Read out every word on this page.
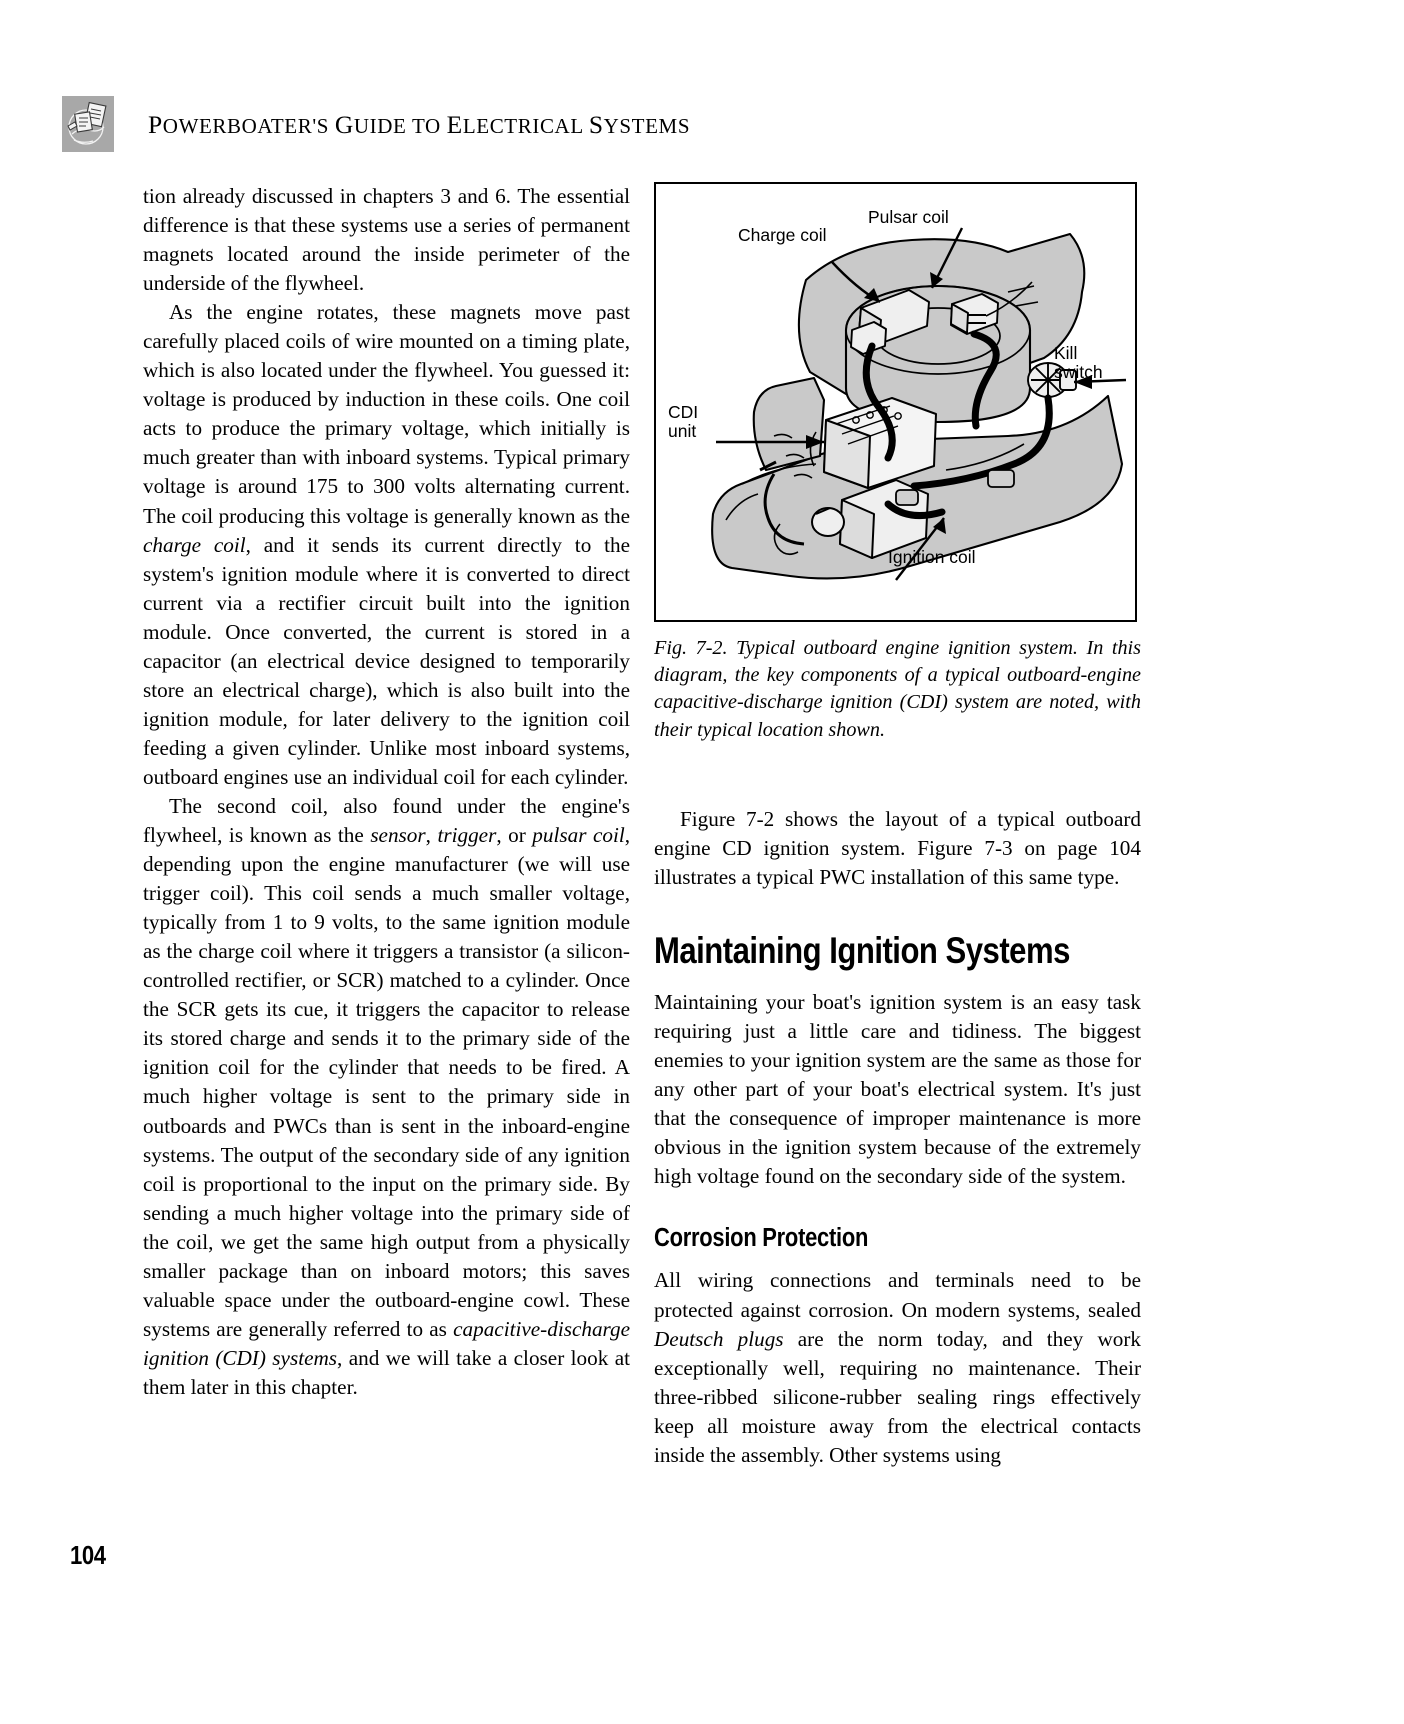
POWERBOATER'S GUIDE TO ELECTRICAL SYSTEMS

tion already discussed in chapters 3 and 6. The essential difference is that these systems use a series of permanent magnets located around the inside perimeter of the underside of the flywheel.

As the engine rotates, these magnets move past carefully placed coils of wire mounted on a timing plate, which is also located under the flywheel. You guessed it: voltage is produced by induction in these coils. One coil acts to produce the primary voltage, which initially is much greater than with inboard systems. Typical primary voltage is around 175 to 300 volts alternating current. The coil producing this voltage is generally known as the charge coil, and it sends its current directly to the system's ignition module where it is converted to direct current via a rectifier circuit built into the ignition module. Once converted, the current is stored in a capacitor (an electrical device designed to temporarily store an electrical charge), which is also built into the ignition module, for later delivery to the ignition coil feeding a given cylinder. Unlike most inboard systems, outboard engines use an individual coil for each cylinder.

The second coil, also found under the engine's flywheel, is known as the sensor, trigger, or pulsar coil, depending upon the engine manufacturer (we will use trigger coil). This coil sends a much smaller voltage, typically from 1 to 9 volts, to the same ignition module as the charge coil where it triggers a transistor (a silicon-controlled rectifier, or SCR) matched to a cylinder. Once the SCR gets its cue, it triggers the capacitor to release its stored charge and sends it to the primary side of the ignition coil for the cylinder that needs to be fired. A much higher voltage is sent to the primary side in outboards and PWCs than is sent in the inboard-engine systems. The output of the secondary side of any ignition coil is proportional to the input on the primary side. By sending a much higher voltage into the primary side of the coil, we get the same high output from a physically smaller package than on inboard motors; this saves valuable space under the outboard-engine cowl. These systems are generally referred to as capacitive-discharge ignition (CDI) systems, and we will take a closer look at them later in this chapter.

Charge coil
Pulsar coil
Kill
switch
CDI
unit
Ignition coil
Fig. 7-2. Typical outboard engine ignition system. In this diagram, the key components of a typical outboard-engine capacitive-discharge ignition (CDI) system are noted, with their typical location shown.

Figure 7-2 shows the layout of a typical outboard engine CD ignition system. Figure 7-3 on page 104 illustrates a typical PWC installation of this same type.

Maintaining Ignition Systems

Maintaining your boat's ignition system is an easy task requiring just a little care and tidiness. The biggest enemies to your ignition system are the same as those for any other part of your boat's electrical system. It's just that the consequence of improper maintenance is more obvious in the ignition system because of the extremely high voltage found on the secondary side of the system.

Corrosion Protection

All wiring connections and terminals need to be protected against corrosion. On modern systems, sealed Deutsch plugs are the norm today, and they work exceptionally well, requiring no maintenance. Their three-ribbed silicone-rubber sealing rings effectively keep all moisture away from the electrical contacts inside the assembly. Other systems using

104
